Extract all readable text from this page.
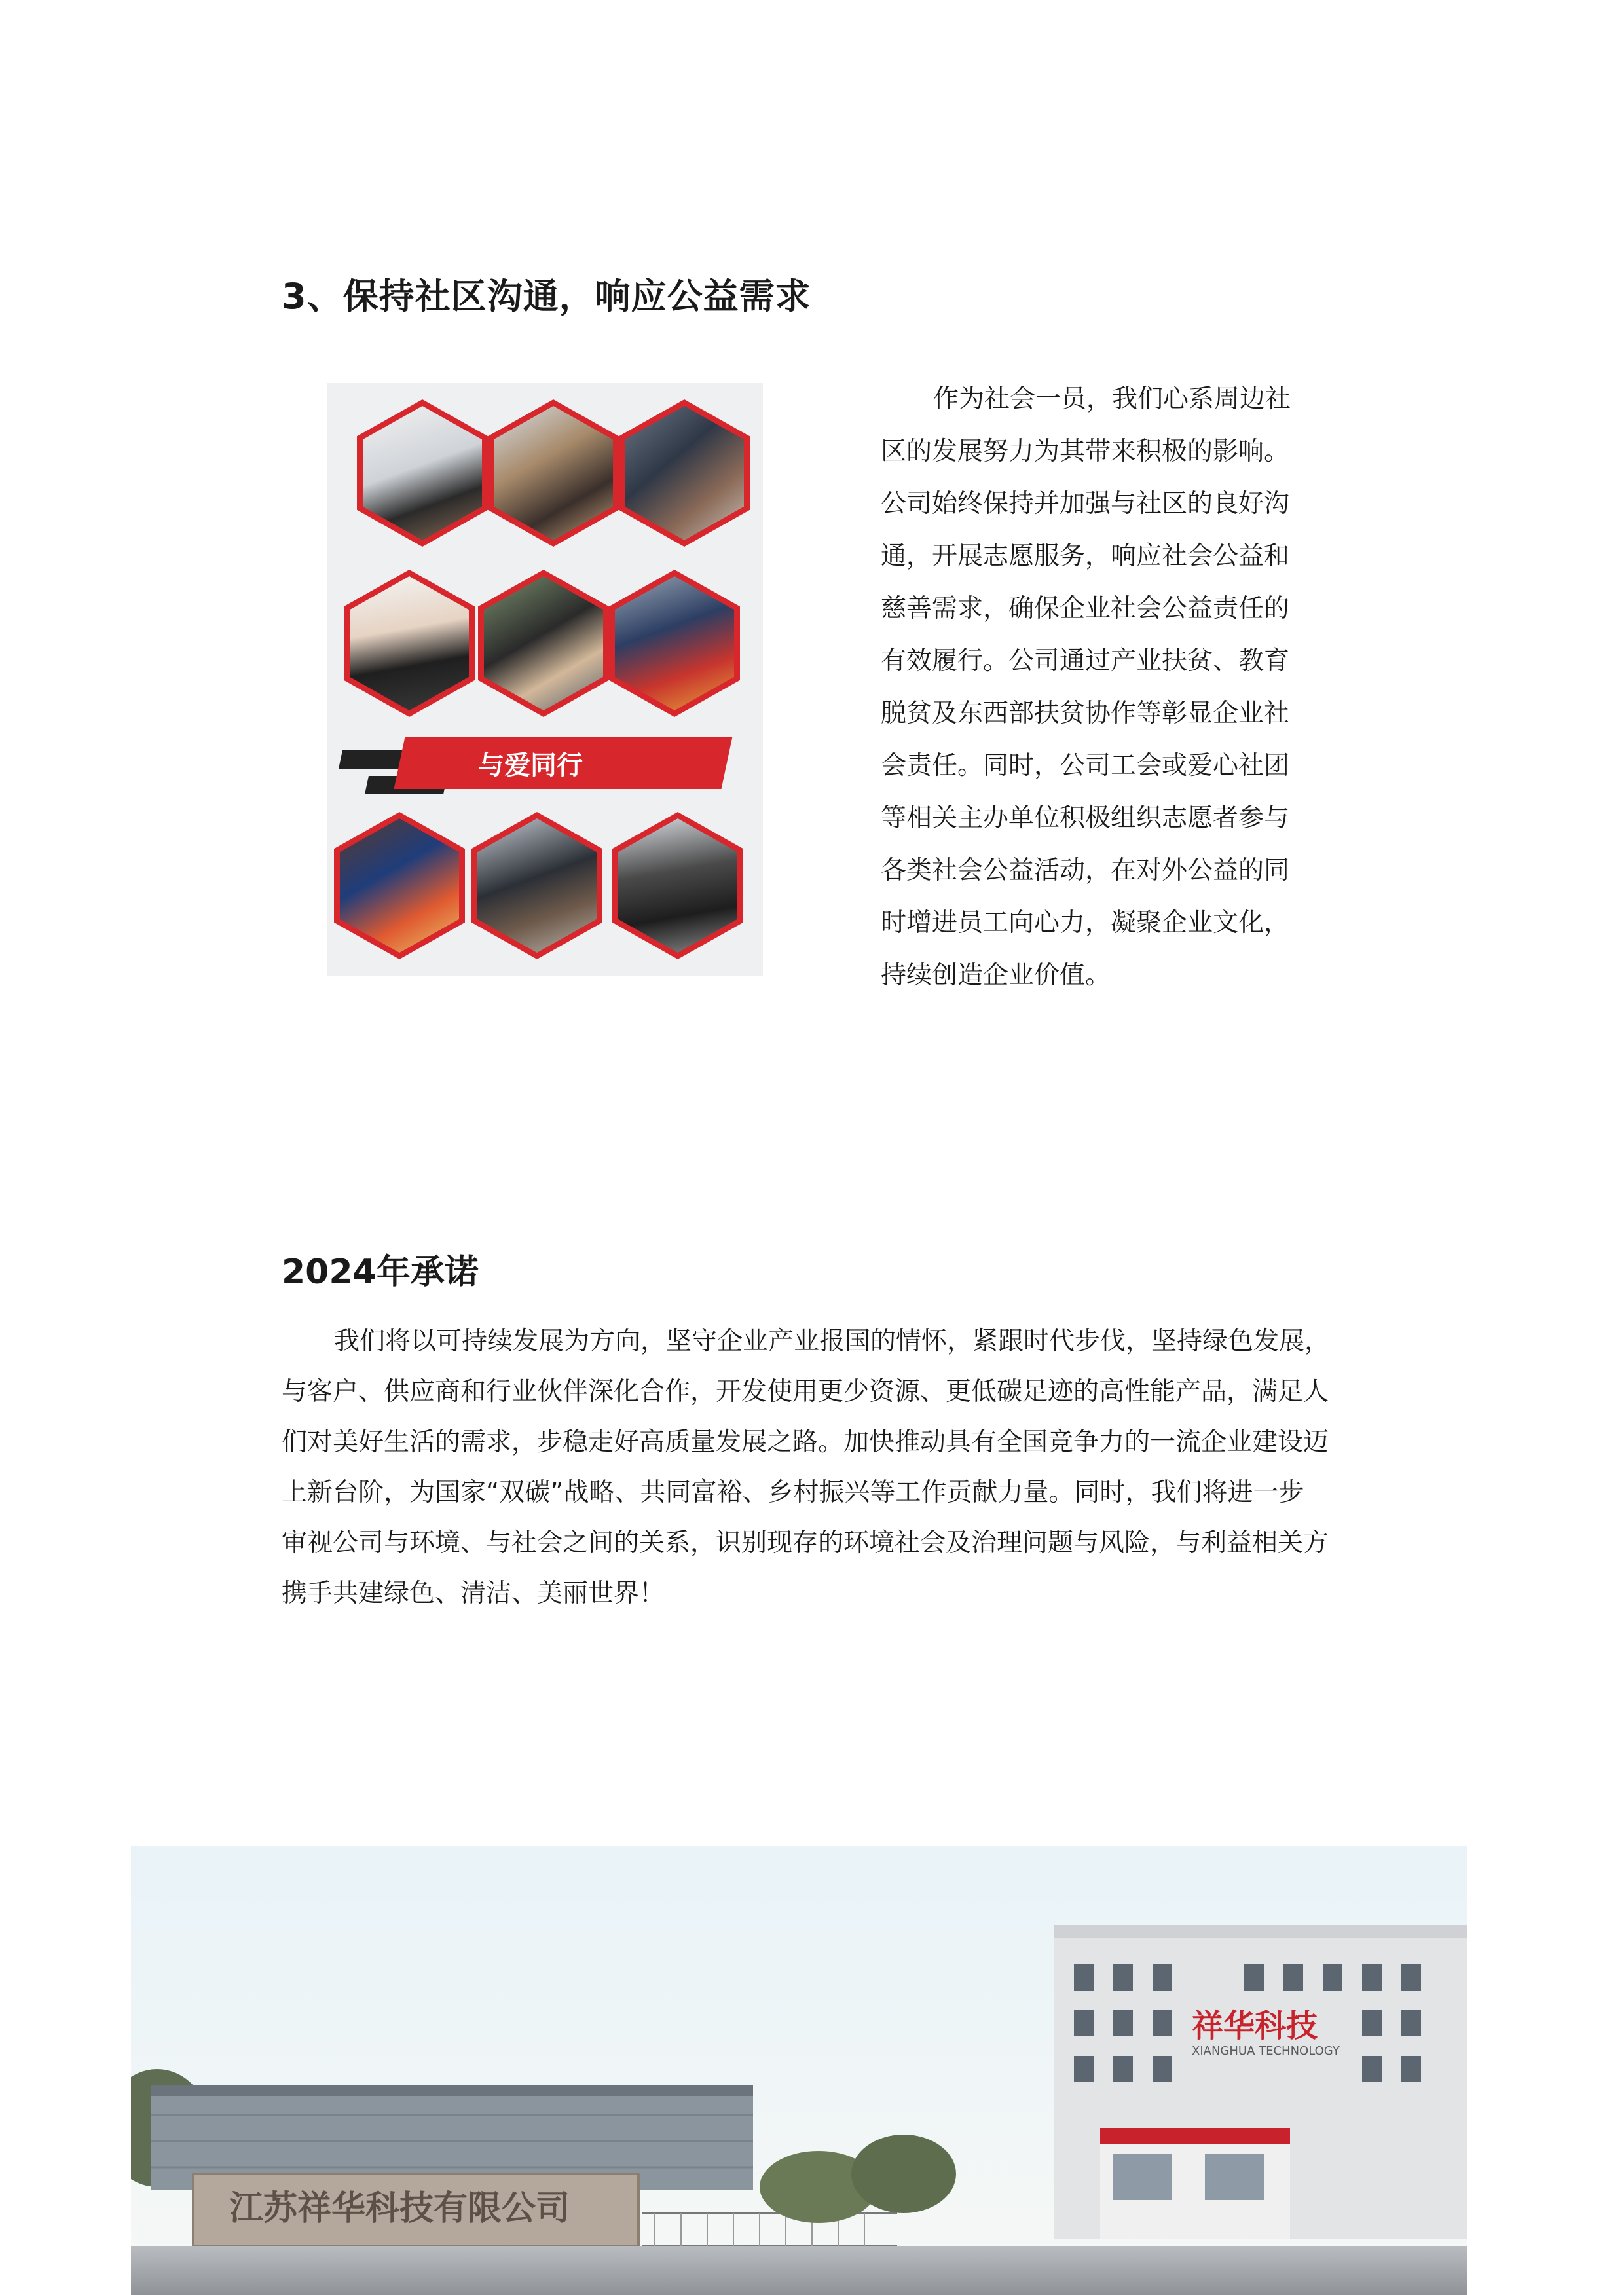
3、保持社区沟通，响应公益需求
与爱同行

作为社会一员，我们心系周边社
区的发展努力为其带来积极的影响。
公司始终保持并加强与社区的良好沟
通，开展志愿服务，响应社会公益和
慈善需求，确保企业社会公益责任的
有效履行。公司通过产业扶贫、教育
脱贫及东西部扶贫协作等彰显企业社
会责任。同时，公司工会或爱心社团
等相关主办单位积极组织志愿者参与
各类社会公益活动，在对外公益的同
时增进员工向心力，凝聚企业文化，
持续创造企业价值。

2024年承诺

我们将以可持续发展为方向，坚守企业产业报国的情怀，紧跟时代步伐，坚持绿色发展，
与客户、供应商和行业伙伴深化合作，开发使用更少资源、更低碳足迹的高性能产品，满足人
们对美好生活的需求，步稳走好高质量发展之路。加快推动具有全国竞争力的一流企业建设迈
上新台阶，为国家“双碳”战略、共同富裕、乡村振兴等工作贡献力量。同时，我们将进一步
审视公司与环境、与社会之间的关系，识别现存的环境社会及治理问题与风险，与利益相关方
携手共建绿色、清洁、美丽世界！

江苏祥华科技有限公司
祥华科技
XIANGHUA TECHNOLOGY
